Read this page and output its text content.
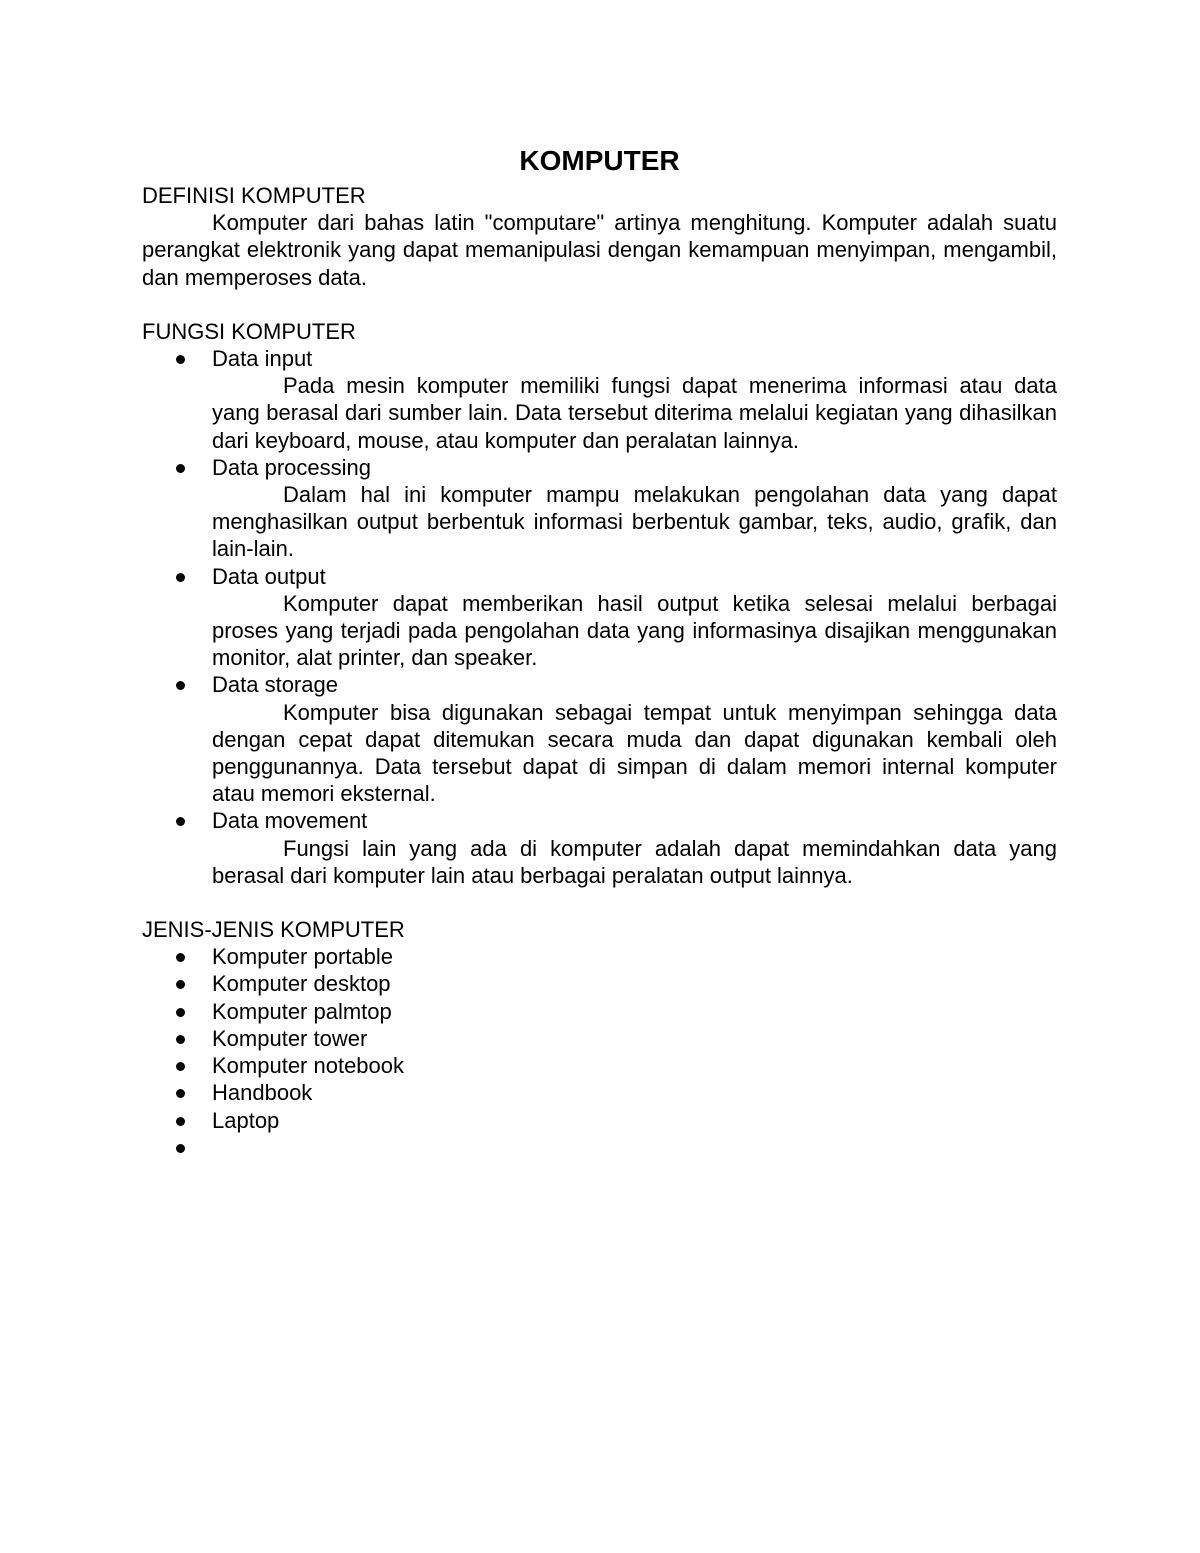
KOMPUTER
DEFINISI KOMPUTER

Komputer dari bahas latin "computare" artinya menghitung. Komputer adalah suatu perangkat elektronik yang dapat memanipulasi dengan kemampuan menyimpan, mengambil, dan memperoses data.

FUNGSI KOMPUTER
Data input

Pada mesin komputer memiliki fungsi dapat menerima informasi atau data yang berasal dari sumber lain. Data tersebut diterima melalui kegiatan yang dihasilkan dari keyboard, mouse, atau komputer dan peralatan lainnya.

Data processing

Dalam hal ini komputer mampu melakukan pengolahan data yang dapat menghasilkan output berbentuk informasi berbentuk gambar, teks, audio, grafik, dan lain-lain.

Data output

Komputer dapat memberikan hasil output ketika selesai melalui berbagai proses yang terjadi pada pengolahan data yang informasinya disajikan menggunakan monitor, alat printer, dan speaker.

Data storage

Komputer bisa digunakan sebagai tempat untuk menyimpan sehingga data dengan cepat dapat ditemukan secara muda dan dapat digunakan kembali oleh penggunannya. Data tersebut dapat di simpan di dalam memori internal komputer atau memori eksternal.

Data movement

Fungsi lain yang ada di komputer adalah dapat memindahkan data yang berasal dari komputer lain atau berbagai peralatan output lainnya.

JENIS-JENIS KOMPUTER
Komputer portable
Komputer desktop
Komputer palmtop
Komputer tower
Komputer notebook
Handbook
Laptop
